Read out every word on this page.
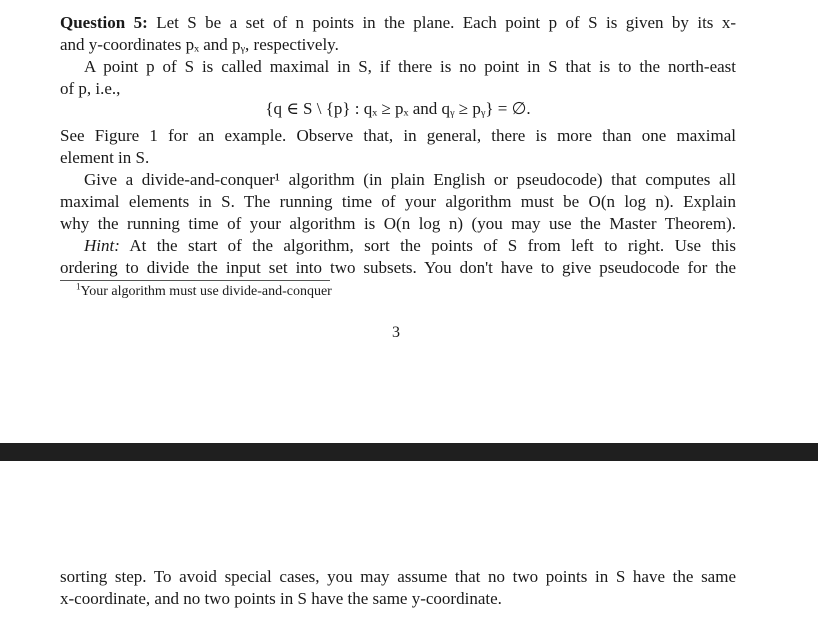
Question 5: Let S be a set of n points in the plane. Each point p of S is given by its x-
and y-coordinates pₓ and pᵧ, respectively.
A point p of S is called maximal in S, if there is no point in S that is to the north-east
of p, i.e.,
{q ∈ S \ {p} : qₓ ≥ pₓ and qᵧ ≥ pᵧ} = ∅.
See Figure 1 for an example. Observe that, in general, there is more than one maximal
element in S.
Give a divide-and-conquer¹ algorithm (in plain English or pseudocode) that computes all
maximal elements in S. The running time of your algorithm must be O(n log n). Explain
why the running time of your algorithm is O(n log n) (you may use the Master Theorem).
Hint: At the start of the algorithm, sort the points of S from left to right. Use this
ordering to divide the input set into two subsets. You don't have to give pseudocode for the
$^1$Your algorithm must use divide-and-conquer
3
sorting step. To avoid special cases, you may assume that no two points in S have the same
x-coordinate, and no two points in S have the same y-coordinate.
